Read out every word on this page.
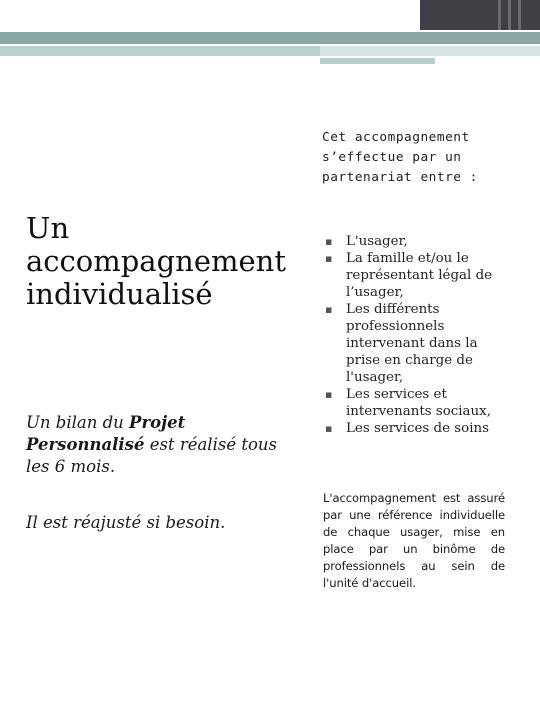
Un accompagnement individualisé

Un bilan du Projet Personnalisé est réalisé tous les 6 mois.

Il est réajusté si besoin.

Cet accompagnement s’effectue par un partenariat entre :

▪ L'usager,
▪ La famille et/ou le représentant légal de l’usager,
▪ Les différents professionnels intervenant dans la prise en charge de l'usager,
▪ Les services et intervenants sociaux,
▪ Les services de soins

L'accompagnement est assuré par une référence individuelle de chaque usager, mise en place par un binôme de professionnels au sein de l'unité d'accueil.
